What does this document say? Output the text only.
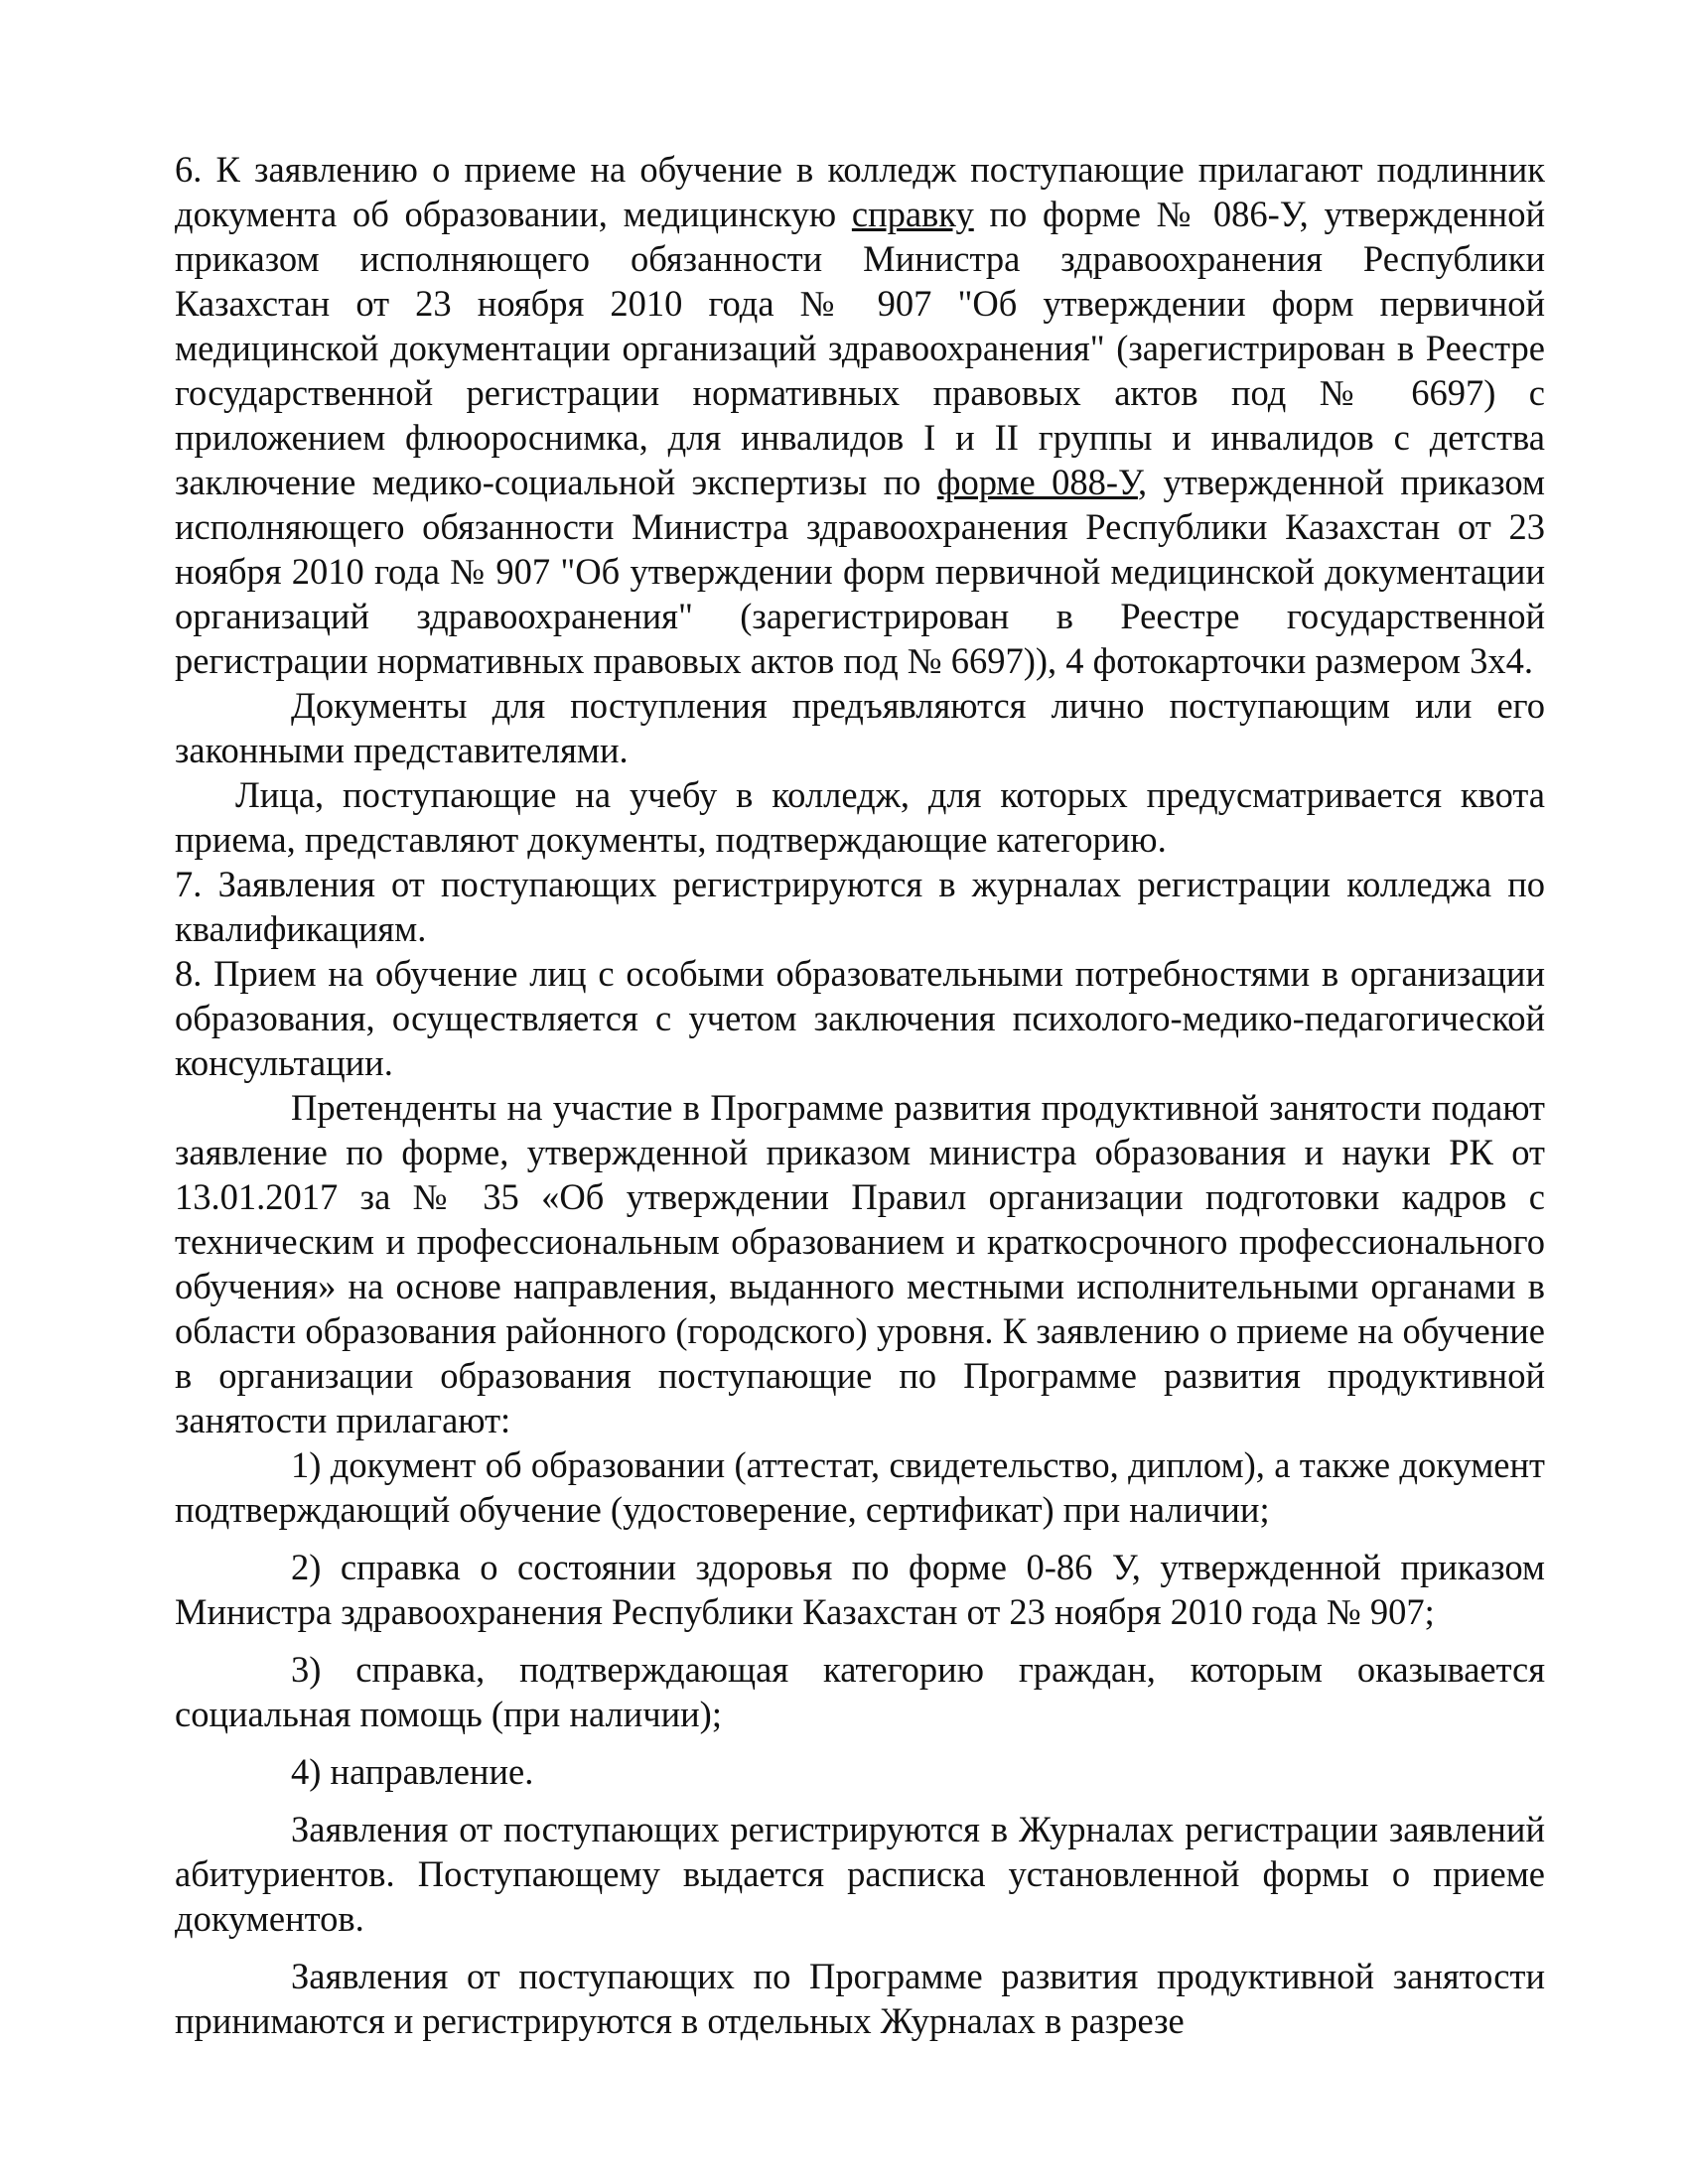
6. К заявлению о приеме на обучение в колледж поступающие прилагают подлинник документа об образовании, медицинскую справку по форме № 086-У, утвержденной приказом исполняющего обязанности Министра здравоохранения Республики Казахстан от 23 ноября 2010 года № 907 "Об утверждении форм первичной медицинской документации организаций здравоохранения" (зарегистрирован в Реестре государственной регистрации нормативных правовых актов под № 6697) с приложением флюороснимка, для инвалидов I и II группы и инвалидов с детства заключение медико-социальной экспертизы по форме 088-У, утвержденной приказом исполняющего обязанности Министра здравоохранения Республики Казахстан от 23 ноября 2010 года № 907 "Об утверждении форм первичной медицинской документации организаций здравоохранения" (зарегистрирован в Реестре государственной регистрации нормативных правовых актов под № 6697)), 4 фотокарточки размером 3х4.

Документы для поступления предъявляются лично поступающим или его законными представителями.

Лица, поступающие на учебу в колледж, для которых предусматривается квота приема, представляют документы, подтверждающие категорию.

7. Заявления от поступающих регистрируются в журналах регистрации колледжа по квалификациям.

8. Прием на обучение лиц с особыми образовательными потребностями в организации образования, осуществляется с учетом заключения психолого-медико-педагогической консультации.

Претенденты на участие в Программе развития продуктивной занятости подают заявление по форме, утвержденной приказом министра образования и науки РК от 13.01.2017 за № 35 «Об утверждении Правил организации подготовки кадров с техническим и профессиональным образованием и краткосрочного профессионального обучения» на основе направления, выданного местными исполнительными органами в области образования районного (городского) уровня. К заявлению о приеме на обучение в организации образования поступающие по Программе развития продуктивной занятости прилагают:

1) документ об образовании (аттестат, свидетельство, диплом), а также документ подтверждающий обучение (удостоверение, сертификат) при наличии;

2) справка о состоянии здоровья по форме 0-86 У, утвержденной приказом Министра здравоохранения Республики Казахстан от 23 ноября 2010 года № 907;

3) справка, подтверждающая категорию граждан, которым оказывается социальная помощь (при наличии);

4) направление.

Заявления от поступающих регистрируются в Журналах регистрации заявлений абитуриентов. Поступающему выдается расписка установленной формы о приеме документов.

Заявления от поступающих по Программе развития продуктивной занятости принимаются и регистрируются в отдельных Журналах в разрезе
